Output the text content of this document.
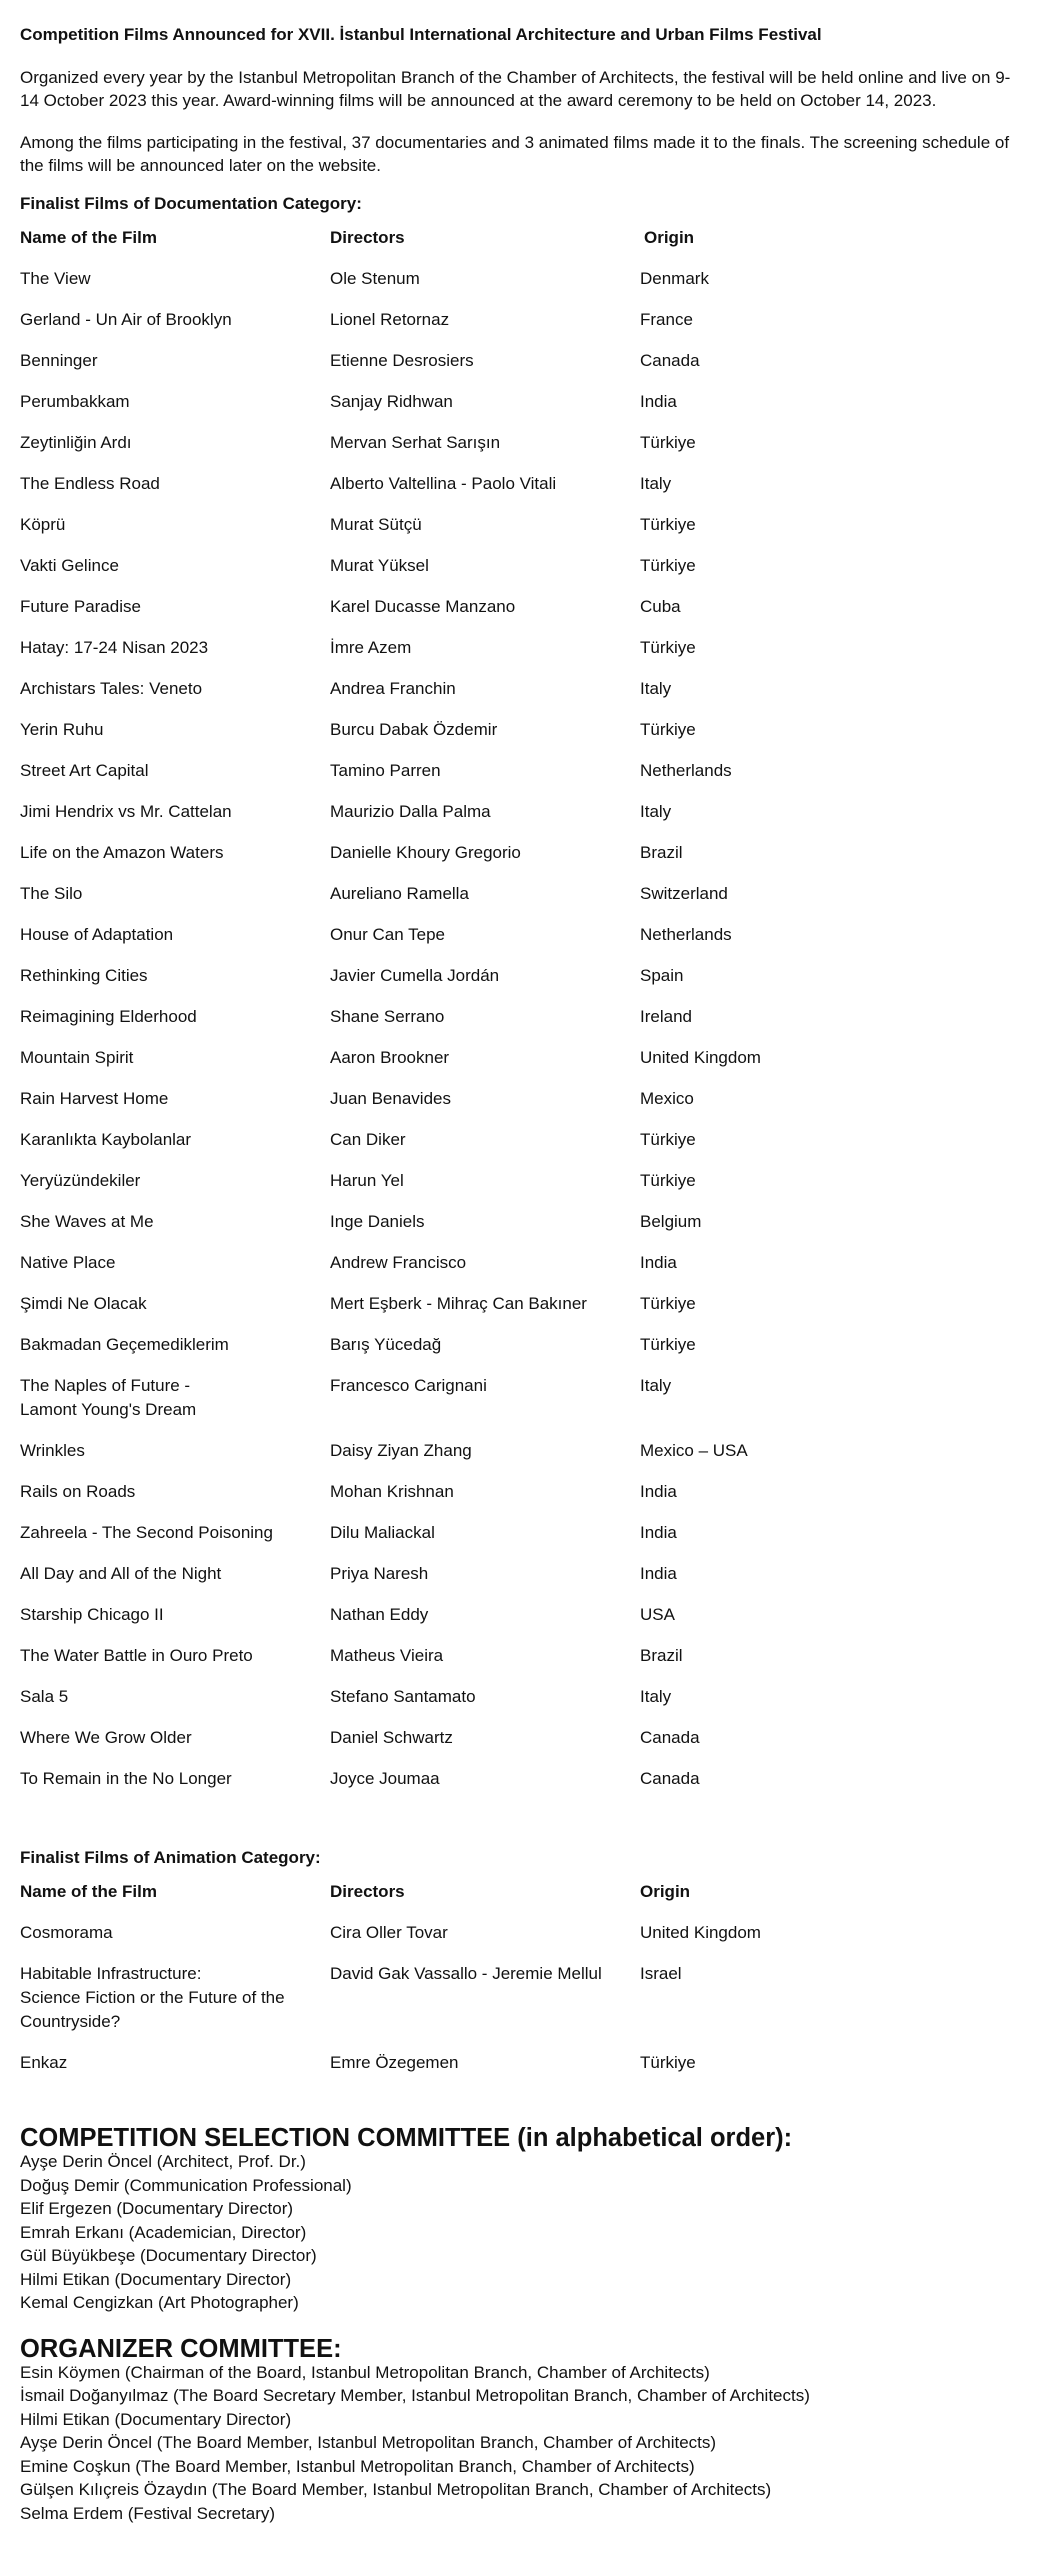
Competition Films Announced for XVII. İstanbul International Architecture and Urban Films Festival

Organized every year by the Istanbul Metropolitan Branch of the Chamber of Architects, the festival will be held online and live on 9-14 October 2023 this year. Award-winning films will be announced at the award ceremony to be held on October 14, 2023.

Among the films participating in the festival, 37 documentaries and 3 animated films made it to the finals. The screening schedule of the films will be announced later on the website.

Finalist Films of Documentation Category:
Name of the Film	Directors	Origin
The View	Ole Stenum	Denmark
Gerland - Un Air of Brooklyn	Lionel Retornaz	France
Benninger	Etienne Desrosiers	Canada
Perumbakkam	Sanjay Ridhwan	India
Zeytinliğin Ardı	Mervan Serhat Sarışın	Türkiye
The Endless Road	Alberto Valtellina - Paolo Vitali	Italy
Köprü	Murat Sütçü	Türkiye
Vakti Gelince	Murat Yüksel	Türkiye
Future Paradise	Karel Ducasse Manzano	Cuba
Hatay: 17-24 Nisan 2023	İmre Azem	Türkiye
Archistars Tales: Veneto	Andrea Franchin	Italy
Yerin Ruhu	Burcu Dabak Özdemir	Türkiye
Street Art Capital	Tamino Parren	Netherlands
Jimi Hendrix vs Mr. Cattelan	Maurizio Dalla Palma	Italy
Life on the Amazon Waters	Danielle Khoury Gregorio	Brazil
The Silo	Aureliano Ramella	Switzerland
House of Adaptation	Onur Can Tepe	Netherlands
Rethinking Cities	Javier Cumella Jordán	Spain
Reimagining Elderhood	Shane Serrano	Ireland
Mountain Spirit	Aaron Brookner	United Kingdom
Rain Harvest Home	Juan Benavides	Mexico
Karanlıkta Kaybolanlar	Can Diker	Türkiye
Yeryüzündekiler	Harun Yel	Türkiye
She Waves at Me	Inge Daniels	Belgium
Native Place	Andrew Francisco	India
Şimdi Ne Olacak	Mert Eşberk - Mihraç Can Bakıner	Türkiye
Bakmadan Geçemediklerim	Barış Yücedağ	Türkiye
The Naples of Future -
Lamont Young's Dream	Francesco Carignani	Italy
Wrinkles	Daisy Ziyan Zhang	Mexico – USA
Rails on Roads	Mohan Krishnan	India
Zahreela - The Second Poisoning	Dilu Maliackal	India
All Day and All of the Night	Priya Naresh	India
Starship Chicago II	Nathan Eddy	USA
The Water Battle in Ouro Preto	Matheus Vieira	Brazil
Sala 5	Stefano Santamato	Italy
Where We Grow Older	Daniel Schwartz	Canada
To Remain in the No Longer	Joyce Joumaa	Canada
Finalist Films of Animation Category:
Name of the Film	Directors	Origin
Cosmorama	Cira Oller Tovar	United Kingdom
Habitable Infrastructure:
Science Fiction or the Future of the
Countryside?	David Gak Vassallo - Jeremie Mellul	Israel
Enkaz	Emre Özegemen	Türkiye
COMPETITION SELECTION COMMITTEE (in alphabetical order):
Ayşe Derin Öncel (Architect, Prof. Dr.)
Doğuş Demir (Communication Professional)
Elif Ergezen (Documentary Director)
Emrah Erkanı (Academician, Director)
Gül Büyükbeşe (Documentary Director)
Hilmi Etikan (Documentary Director)
Kemal Cengizkan (Art Photographer)
ORGANIZER COMMITTEE:
Esin Köymen (Chairman of the Board, Istanbul Metropolitan Branch, Chamber of Architects)
İsmail Doğanyılmaz (The Board Secretary Member, Istanbul Metropolitan Branch, Chamber of Architects)
Hilmi Etikan (Documentary Director)
Ayşe Derin Öncel (The Board Member, Istanbul Metropolitan Branch, Chamber of Architects)
Emine Coşkun (The Board Member, Istanbul Metropolitan Branch, Chamber of Architects)
Gülşen Kılıçreis Özaydın (The Board Member, Istanbul Metropolitan Branch, Chamber of Architects)
Selma Erdem (Festival Secretary)
